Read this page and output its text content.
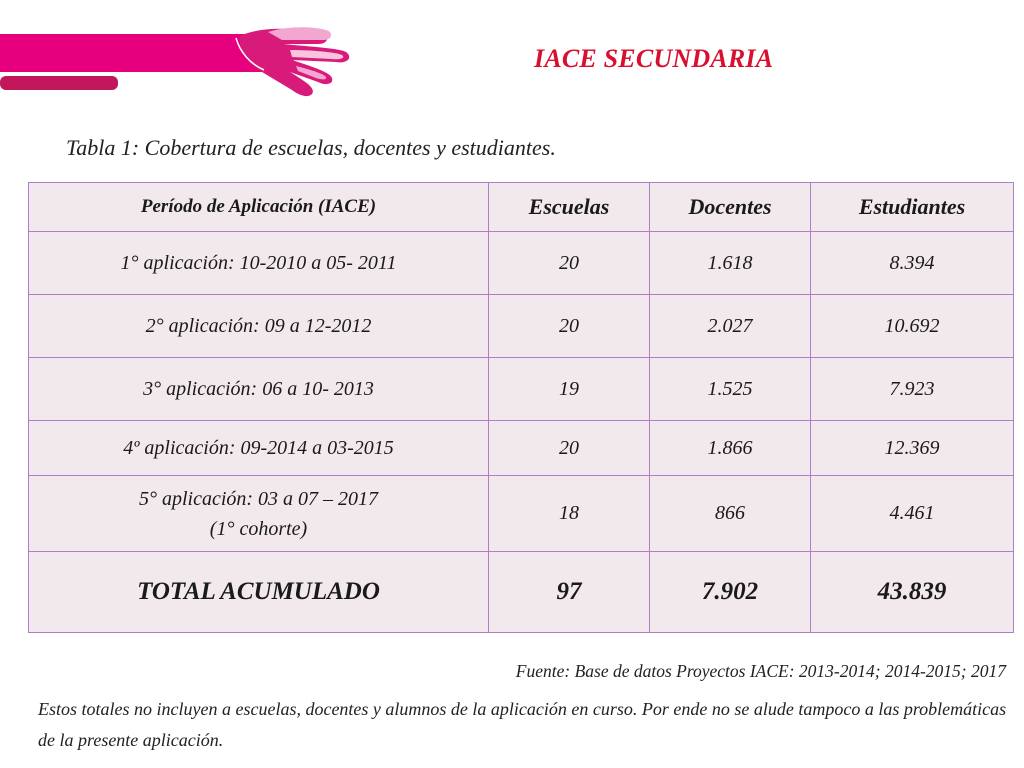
IACE SECUNDARIA
Tabla 1: Cobertura de escuelas, docentes y estudiantes.
Período de Aplicación (IACE)	Escuelas	Docentes	Estudiantes
1° aplicación: 10-2010 a 05- 2011	20	1.618	8.394
2° aplicación: 09 a 12-2012	20	2.027	10.692
3° aplicación: 06 a 10- 2013	19	1.525	7.923
4º aplicación: 09-2014 a 03-2015	20	1.866	12.369

5° aplicación: 03 a 07 – 2017
(1° cohorte)	18	866	4.461
TOTAL ACUMULADO	97	7.902	43.839
Fuente: Base de datos Proyectos IACE: 2013-2014; 2014-2015; 2017
Estos totales no incluyen a escuelas, docentes y alumnos de la aplicación en curso. Por ende no se alude tampoco a las problemáticas de la presente aplicación.
